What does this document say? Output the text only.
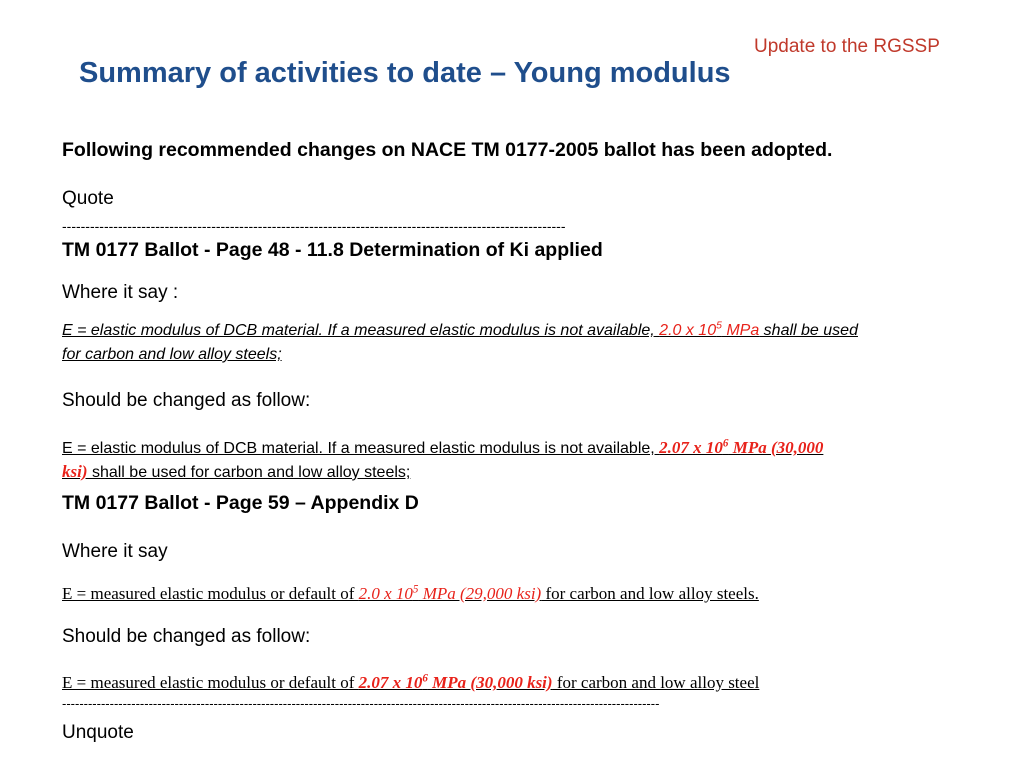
Update to the RGSSP
Summary of activities to date – Young modulus
Following recommended changes on NACE TM 0177-2005 ballot has been adopted.
Quote
------------------------------------------------------------------------------------------------------------
TM 0177 Ballot - Page 48 - 11.8 Determination of Ki applied
Where it say :
E = elastic modulus of DCB material. If a measured elastic modulus is not available, 2.0 x $10^5$ MPa shall be used
for carbon and low alloy steels;
Should be changed as follow:
E = elastic modulus of DCB material. If a measured elastic modulus is not available, 2.07 x $10^6$ MPa (30,000
ksi) shall be used for carbon and low alloy steels;
TM 0177 Ballot - Page 59 – Appendix D
Where it say
E = measured elastic modulus or default of 2.0 x $10^5$ MPa (29,000 ksi) for carbon and low alloy steels.
Should be changed as follow:
E = measured elastic modulus or default of 2.07 x $10^6$ MPa (30,000 ksi) for carbon and low alloy steel
------------------------------------------------------------------------------------------------------------------------------------------
Unquote
